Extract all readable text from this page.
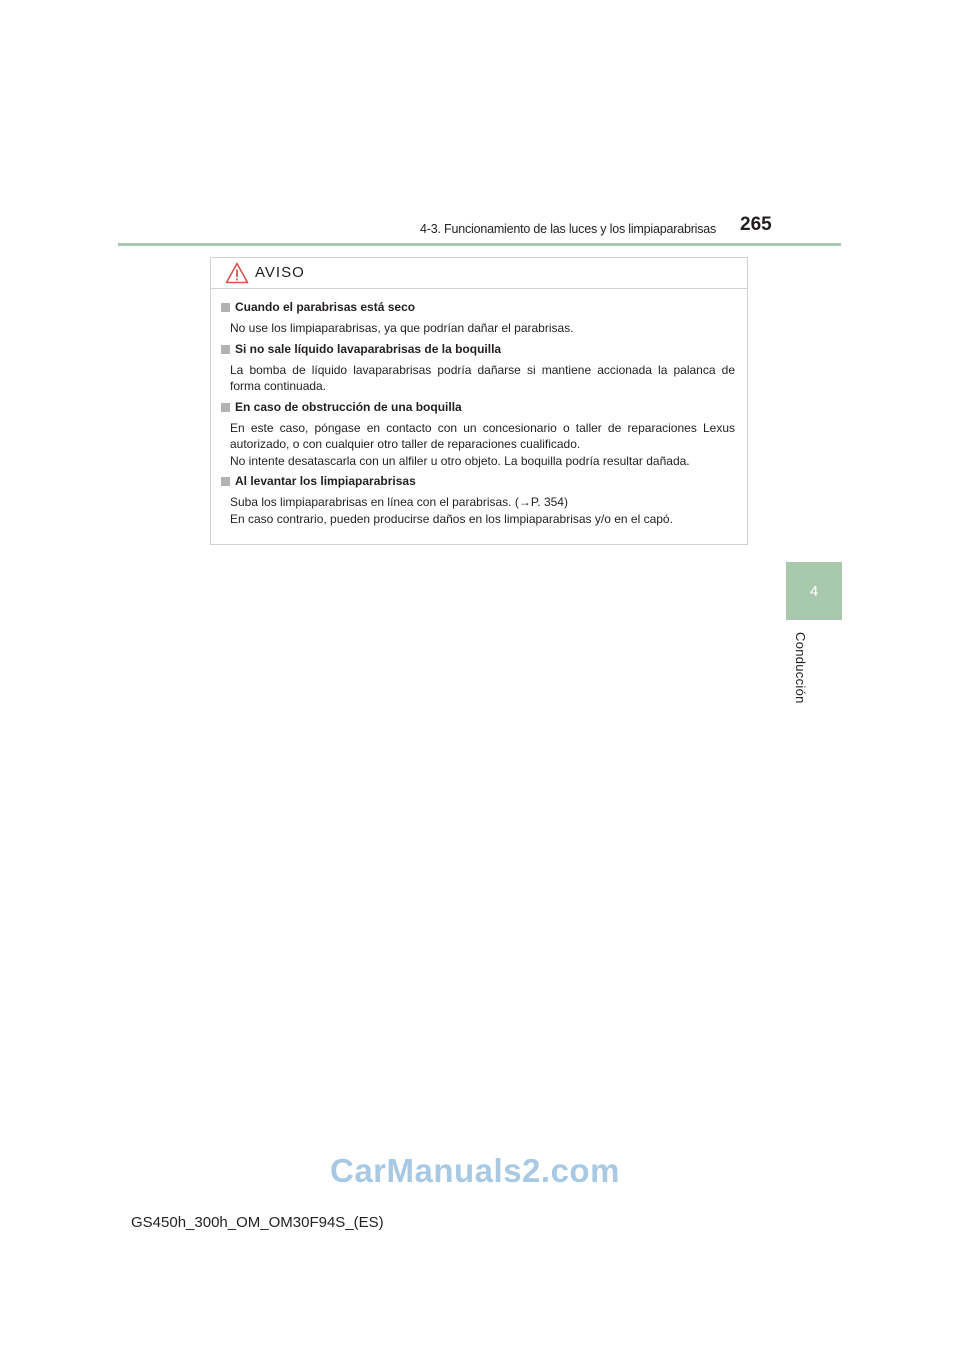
4-3. Funcionamiento de las luces y los limpiaparabrisas 265
4
Conducción
AVISO
Cuando el parabrisas está seco

No use los limpiaparabrisas, ya que podrían dañar el parabrisas.

Si no sale líquido lavaparabrisas de la boquilla

La bomba de líquido lavaparabrisas podría dañarse si mantiene accionada la palanca de forma continuada.

En caso de obstrucción de una boquilla

En este caso, póngase en contacto con un concesionario o taller de reparaciones Lexus autorizado, o con cualquier otro taller de reparaciones cualificado.

No intente desatascarla con un alfiler u otro objeto. La boquilla podría resultar dañada.

Al levantar los limpiaparabrisas

Suba los limpiaparabrisas en línea con el parabrisas. (→P. 354)

En caso contrario, pueden producirse daños en los limpiaparabrisas y/o en el capó.

CarManuals2.com
GS450h_300h_OM_OM30F94S_(ES)
